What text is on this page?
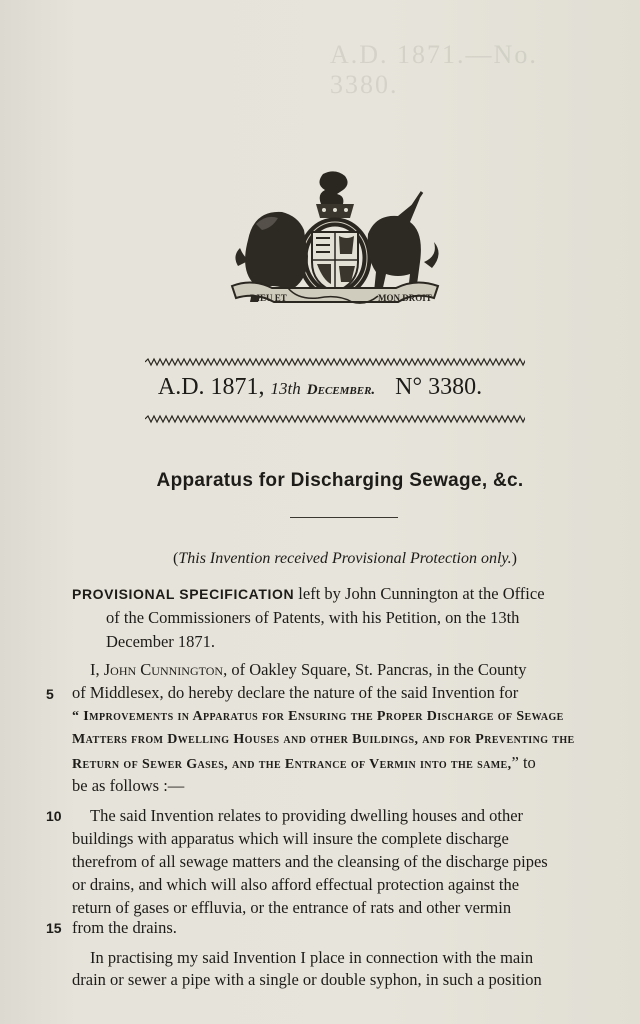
A.D. 1871.—No. 3380.
DIEU ET	MON DROIT
A.D. 1871, 13th December. N° 3380.
Apparatus for Discharging Sewage, &c.
(This Invention received Provisional Protection only.)
PROVISIONAL SPECIFICATION left by John Cunnington at the Office
of the Commissioners of Patents, with his Petition, on the 13th
December 1871.
I, John Cunnington, of Oakley Square, St. Pancras, in the County
5 of Middlesex, do hereby declare the nature of the said Invention for
“ Improvements in Apparatus for Ensuring the Proper Discharge of Sewage
Matters from Dwelling Houses and other Buildings, and for Preventing the
Return of Sewer Gases, and the Entrance of Vermin into the same,” to
be as follows :—
10 The said Invention relates to providing dwelling houses and other
buildings with apparatus which will insure the complete discharge
therefrom of all sewage matters and the cleansing of the discharge pipes
or drains, and which will also afford effectual protection against the
return of gases or effluvia, or the entrance of rats and other vermin
15 from the drains.
In practising my said Invention I place in connection with the main
drain or sewer a pipe with a single or double syphon, in such a position
